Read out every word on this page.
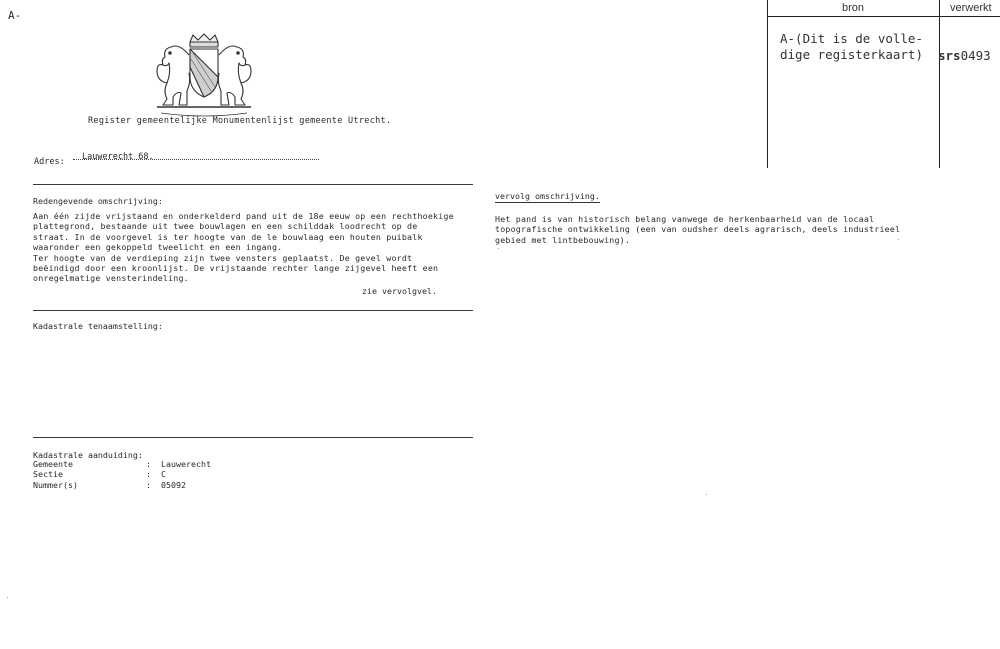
A-
Register gemeentelijke Monumentenlijst gemeente Utrecht.
Adres: Lauwerecht 68.
Redengevende omschrijving:
Aan één zijde vrijstaand en onderkelderd pand uit de 18e eeuw op een rechthoekige
plattegrond, bestaande uit twee bouwlagen en een schilddak loodrecht op de
straat. In de voorgevel is ter hoogte van de le bouwlaag een houten puibalk
waaronder een gekoppeld tweelicht en een ingang.
Ter hoogte van de verdieping zijn twee vensters geplaatst. De gevel wordt
beëindigd door een kroonlijst. De vrijstaande rechter lange zijgevel heeft een
onregelmatige vensterindeling.
zie vervolgvel.
Kadastrale tenaamstelling:
Kadastrale aanduiding:
Gemeente	: Lauwerecht
Sectie	: C
Nummer(s)	: 05092
vervolg omschrijving.
Het pand is van historisch belang vanwege de herkenbaarheid van de locaal
topografische ontwikkeling (een van oudsher deels agrarisch, deels industrieel
gebied met lintbebouwing).
bron	verwerkt
A-(Dit is de volle-
dige registerkaart) srs0493
